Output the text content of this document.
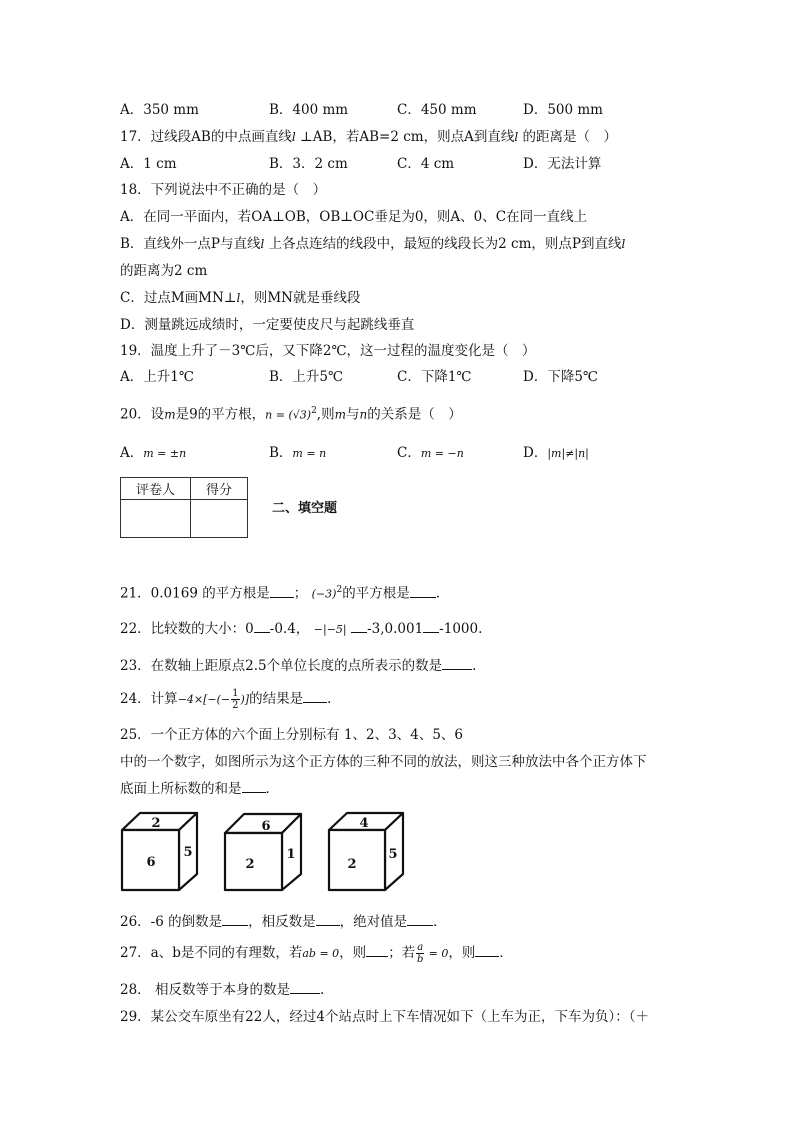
A．350 mm	B．400 mm	C．450 mm	D．500 mm
17．过线段AB的中点画直线l ⊥AB，若AB=2 cm，则点A到直线l 的距离是（　）
A．1 cm	B．3．2 cm	C．4 cm	D．无法计算
18．下列说法中不正确的是（　）
A．在同一平面内，若OA⊥OB，OB⊥OC垂足为0，则A、0、C在同一直线上
B．直线外一点P与直线l 上各点连结的线段中，最短的线段长为2 cm，则点P到直线l
的距离为2 cm
C．过点M画MN⊥l，则MN就是垂线段
D．测量跳远成绩时，一定要使皮尺与起跳线垂直
19．温度上升了－3℃后，又下降2℃，这一过程的温度变化是（　）
A．上升1℃	B．上升5℃	C．下降1℃	D．下降5℃
20．设m是9的平方根，$n = (√3)^2$,则m与n的关系是（　）
A．m = ±n	B．m = n	C．m = −n	D．|m|≠|n|
评卷人	得分

二、填空题
21．0.0169 的平方根是 ；  $(-3)^2$的平方根是 .
22．比较数的大小：0 -0.4，  −|−5|  -3,0.001 -1000.
23．在数轴上距原点2.5个单位长度的点所表示的数是 .
24．计算$-4\times[-(- \frac{1}{2}$ )]的结果是 .
25．一个正方体的六个面上分别标有 1、2、3、4、5、6
中的一个数字，如图所示为这个正方体的三种不同的放法，则这三种放法中各个正方体下
底面上所标数的和是 ．
2
6
5
6
2
1
4
2
5
26．-6 的倒数是 ，相反数是 ，绝对值是 ．
27．a、b是不同的有理数，若ab = 0，则 ；若 $\frac{a}{b} = 0$，则 ．
28． 相反数等于本身的数是 .
29．某公交车原坐有22人，经过4个站点时上下车情况如下（上车为正，下车为负）：（＋
